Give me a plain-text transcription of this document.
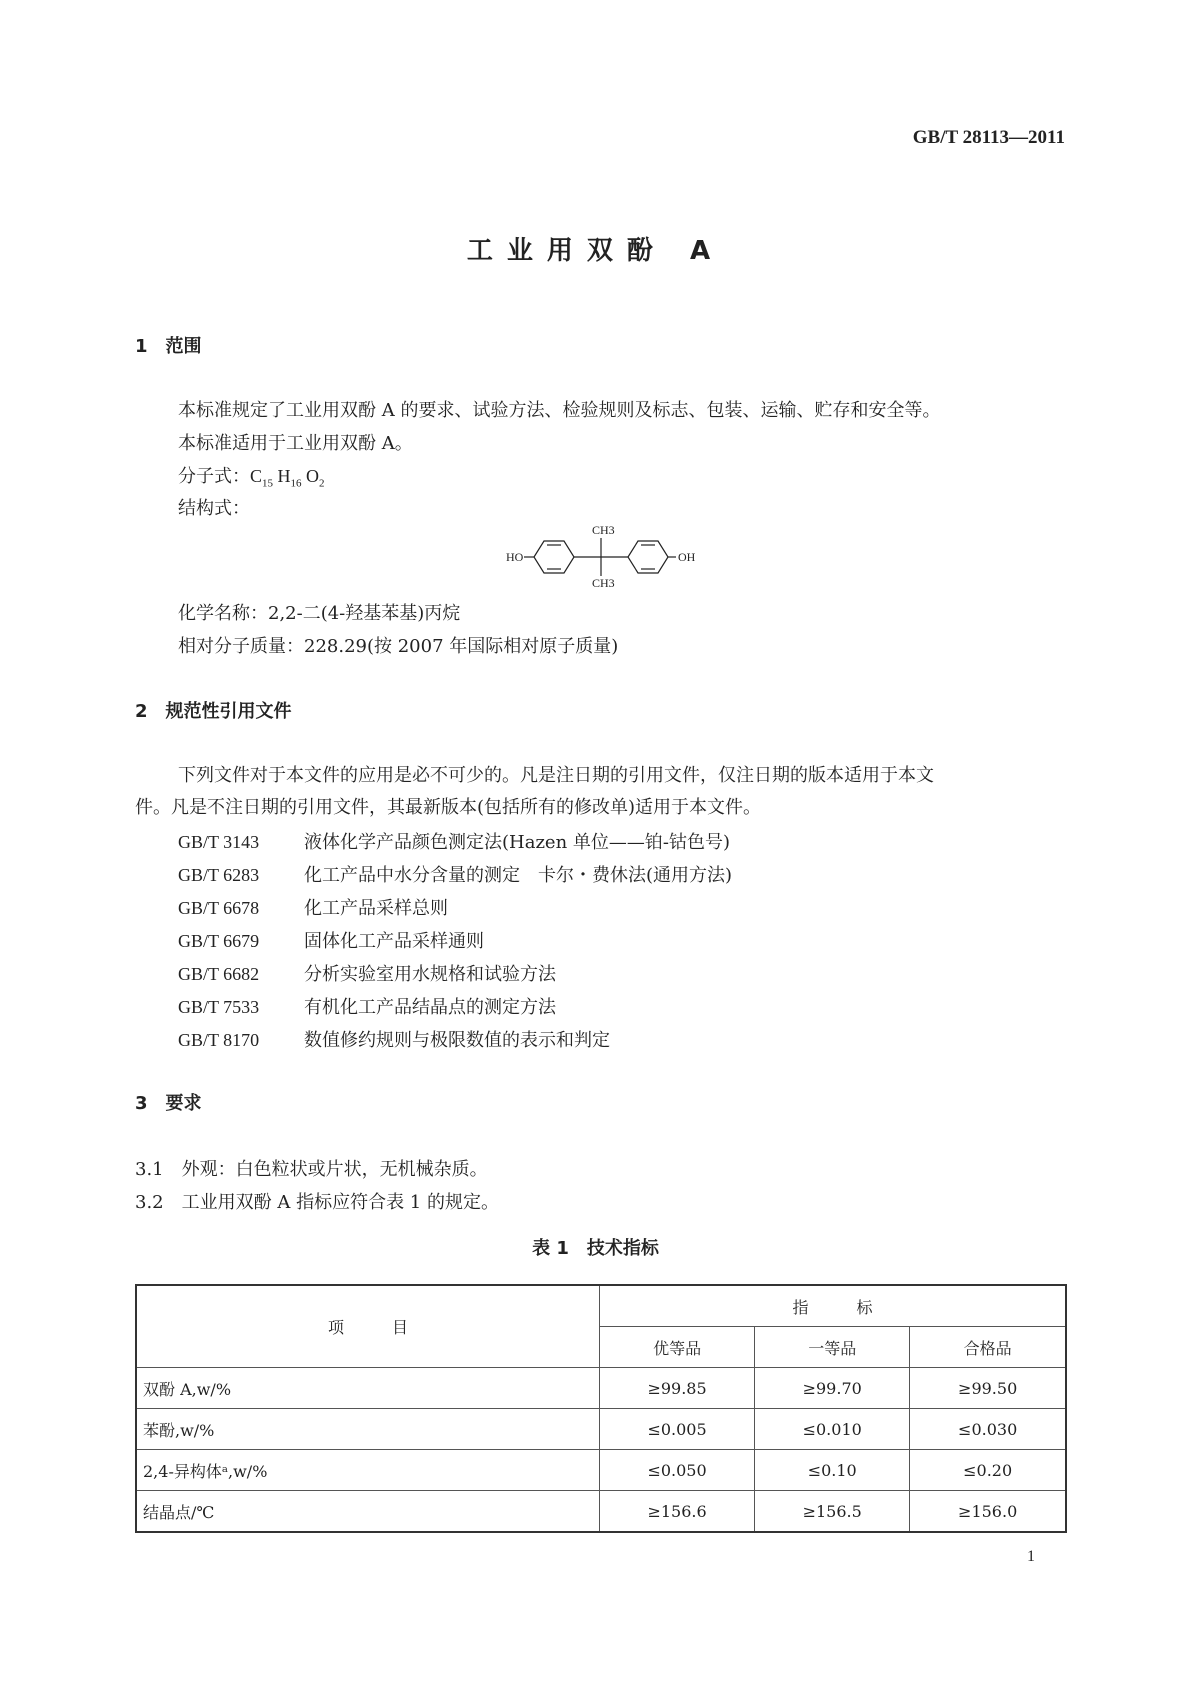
GB/T 28113—2011
工业用双酚 A
1　范围
本标准规定了工业用双酚 A 的要求、试验方法、检验规则及标志、包装、运输、贮存和安全等。
本标准适用于工业用双酚 A。
分子式：$C_{15}$ $H_{16}$ $O_2$
结构式：
HO	OH
CH3
CH3
化学名称：2,2-二(4-羟基苯基)丙烷
相对分子质量：228.29(按 2007 年国际相对原子质量)
2　规范性引用文件
下列文件对于本文件的应用是必不可少的。凡是注日期的引用文件，仅注日期的版本适用于本文
件。凡是不注日期的引用文件，其最新版本(包括所有的修改单)适用于本文件。
GB/T 3143 液体化学产品颜色测定法(Hazen 单位——铂-钴色号)
GB/T 6283 化工产品中水分含量的测定　卡尔・费休法(通用方法)
GB/T 6678 化工产品采样总则
GB/T 6679 固体化工产品采样通则
GB/T 6682 分析实验室用水规格和试验方法
GB/T 7533 有机化工产品结晶点的测定方法
GB/T 8170 数值修约规则与极限数值的表示和判定
3　要求
3.1　外观：白色粒状或片状，无机械杂质。
3.2　工业用双酚 A 指标应符合表 1 的规定。
表 1　技术指标
项　　　目	指　　　标		
	优等品	一等品	合格品
双酚 A,w/%	≥99.85	≥99.70	≥99.50
苯酚,w/%	≤0.005	≤0.010	≤0.030
2,4-异构体ᵃ,w/%	≤0.050	≤0.10	≤0.20
结晶点/℃	≥156.6	≥156.5	≥156.0
1
